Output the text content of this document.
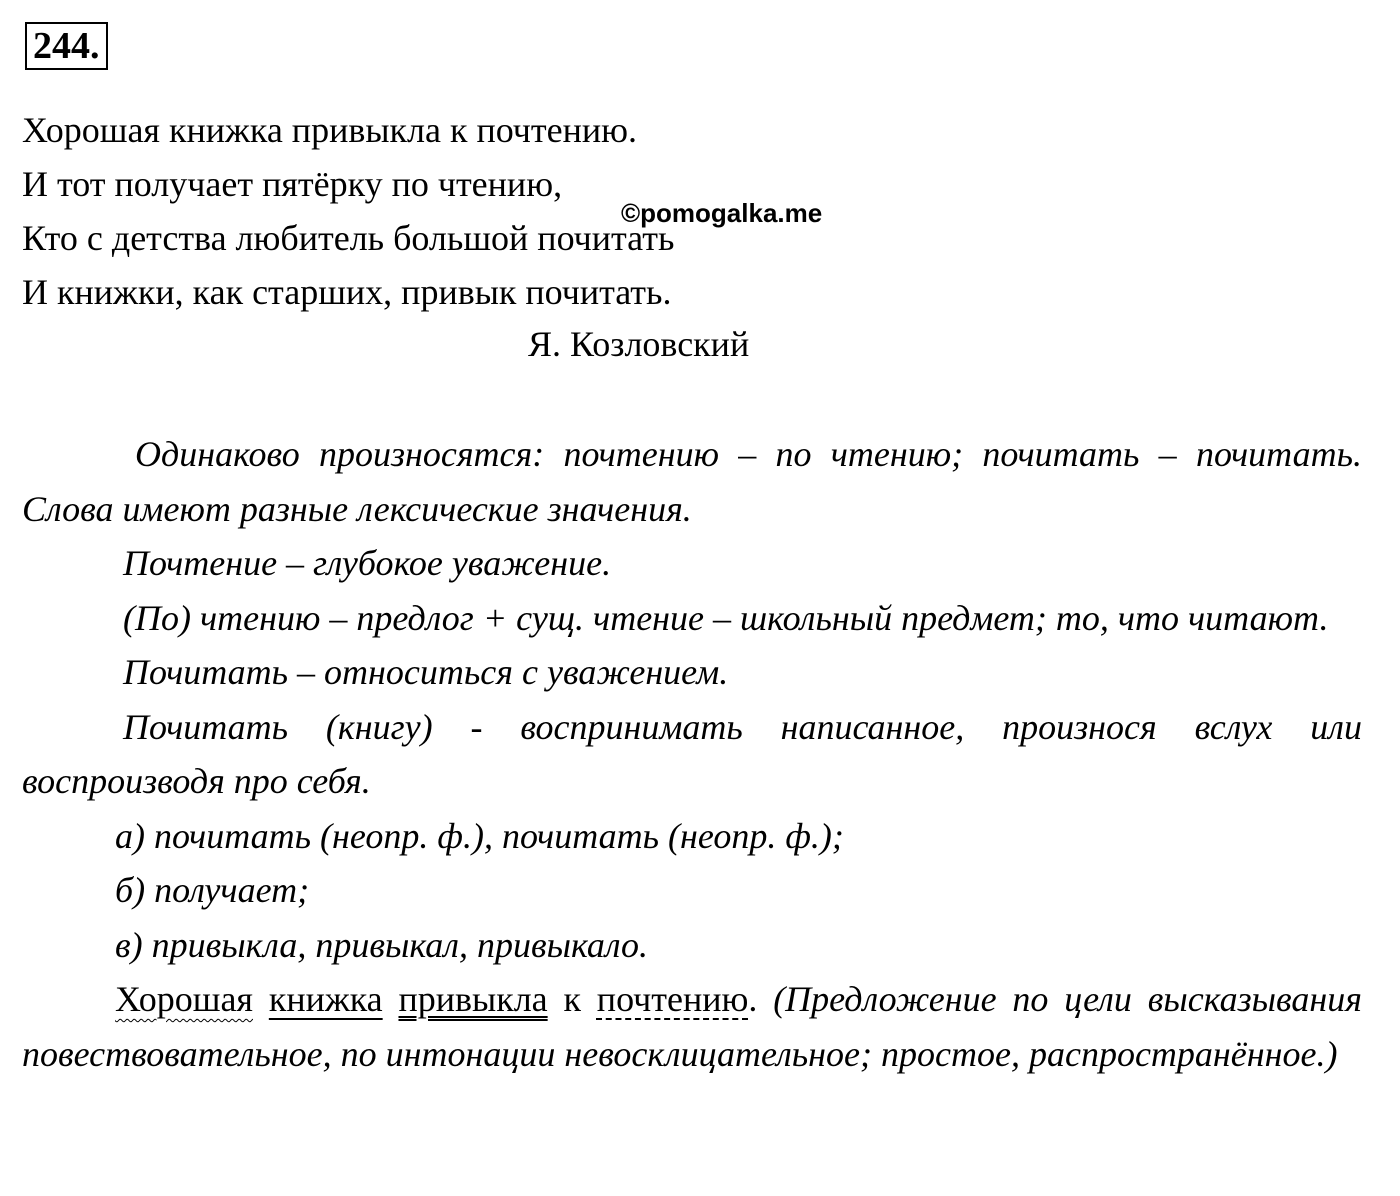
244.
Хорошая книжка привыкла к почтению.
И тот получает пятёрку по чтению,
Кто с детства любитель большой почитать
И книжки, как старших, привык почитать.
©pomogalka.me
Я. Козловский

Одинаково произносятся: почтению – по чтению; почитать – почитать. Слова имеют разные лексические значения.

Почтение – глубокое уважение.

(По) чтению – предлог + сущ. чтение – школьный предмет; то, что читают.

Почитать – относиться с уважением.

Почитать (книгу) - воспринимать написанное, произнося вслух или воспроизводя про себя.

а) почитать (неопр. ф.), почитать (неопр. ф.);

б) получает;

в) привыкла, привыкал, привыкало.

Хорошая книжка привыкла к почтению. (Предложение по цели высказывания повествовательное, по интонации невосклицательное; простое, распространённое.)
